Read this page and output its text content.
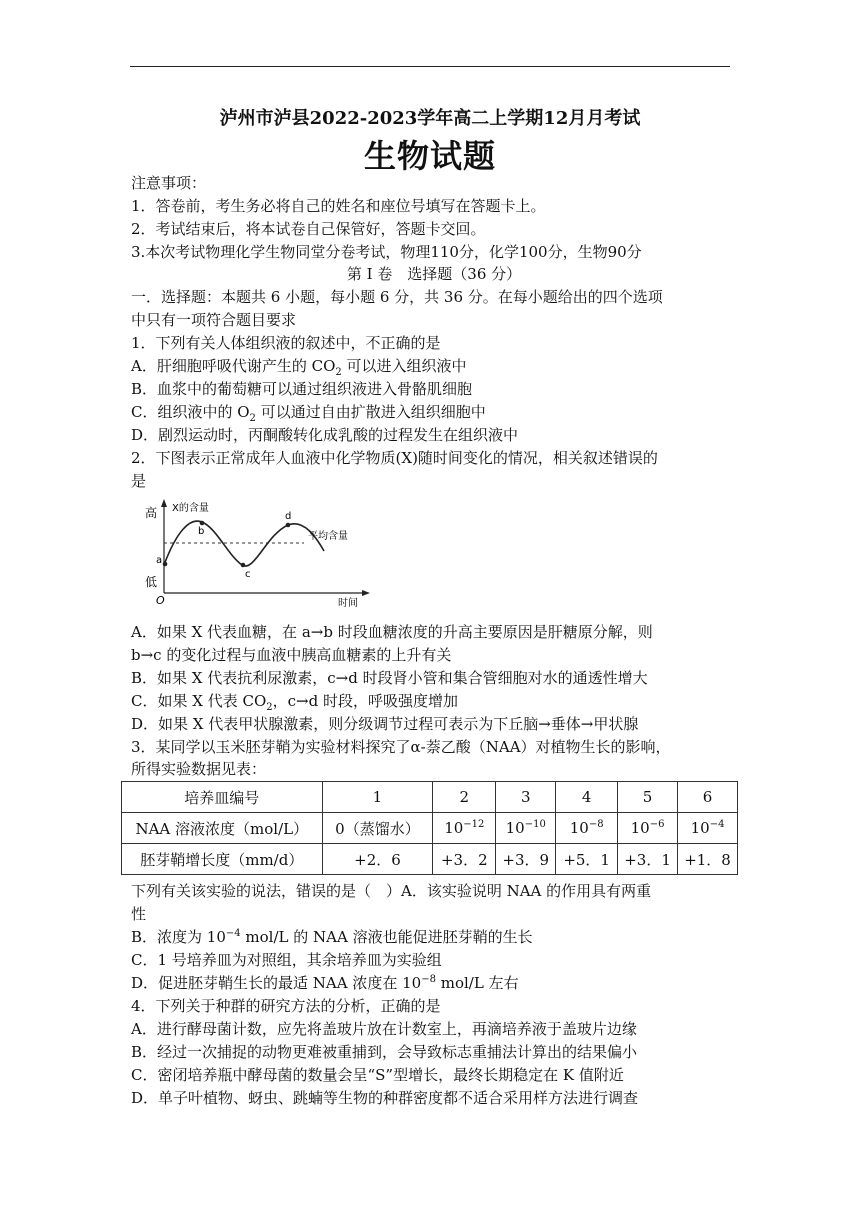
泸州市泸县2022-2023学年高二上学期12月月考试
生物试题
注意事项：
1．答卷前，考生务必将自己的姓名和座位号填写在答题卡上。
2．考试结束后，将本试卷自己保管好，答题卡交回。
3.本次考试物理化学生物同堂分卷考试，物理110分，化学100分，生物90分
第 I 卷　选择题（36 分）
一．选择题：本题共 6 小题，每小题 6 分，共 36 分。在每小题给出的四个选项
中只有一项符合题目要求
1．下列有关人体组织液的叙述中，不正确的是
A．肝细胞呼吸代谢产生的 $CO_2$ 可以进入组织液中
B．血浆中的葡萄糖可以通过组织液进入骨骼肌细胞
C．组织液中的 $O_2$ 可以通过自由扩散进入组织细胞中
D．剧烈运动时，丙酮酸转化成乳酸的过程发生在组织液中
2．下图表示正常成年人血液中化学物质(X)随时间变化的情况，相关叙述错误的
是
高
低
O
X的含量
时间
平均含量
a
b
c
d
A．如果 X 代表血糖，在 a→b 时段血糖浓度的升高主要原因是肝糖原分解，则
b→c 的变化过程与血液中胰高血糖素的上升有关
B．如果 X 代表抗利尿激素，c→d 时段肾小管和集合管细胞对水的通透性增大
C．如果 X 代表 $CO_2$，c→d 时段，呼吸强度增加
D．如果 X 代表甲状腺激素，则分级调节过程可表示为下丘脑→垂体→甲状腺
3．某同学以玉米胚芽鞘为实验材料探究了α-萘乙酸（NAA）对植物生长的影响，
所得实验数据见表：
培养皿编号	1	2	3	4	5	6
NAA 溶液浓度（mol/L）	0（蒸馏水）	$10^{-12}$	$10^{-10}$	$10^{-8}$	$10^{-6}$	$10^{-4}$
胚芽鞘增长度（mm/d）	+2．6	+3．2	+3．9	+5．1	+3．1	+1．8
下列有关该实验的说法，错误的是（　）A．该实验说明 NAA 的作用具有两重
性
B．浓度为 $10^{-4}$ mol/L 的 NAA 溶液也能促进胚芽鞘的生长
C．1 号培养皿为对照组，其余培养皿为实验组
D．促进胚芽鞘生长的最适 NAA 浓度在 $10^{-8}$ mol/L 左右
4．下列关于种群的研究方法的分析，正确的是
A．进行酵母菌计数，应先将盖玻片放在计数室上，再滴培养液于盖玻片边缘
B．经过一次捕捉的动物更难被重捕到，会导致标志重捕法计算出的结果偏小
C．密闭培养瓶中酵母菌的数量会呈“S”型增长，最终长期稳定在 K 值附近
D．单子叶植物、蚜虫、跳蝻等生物的种群密度都不适合采用样方法进行调查
